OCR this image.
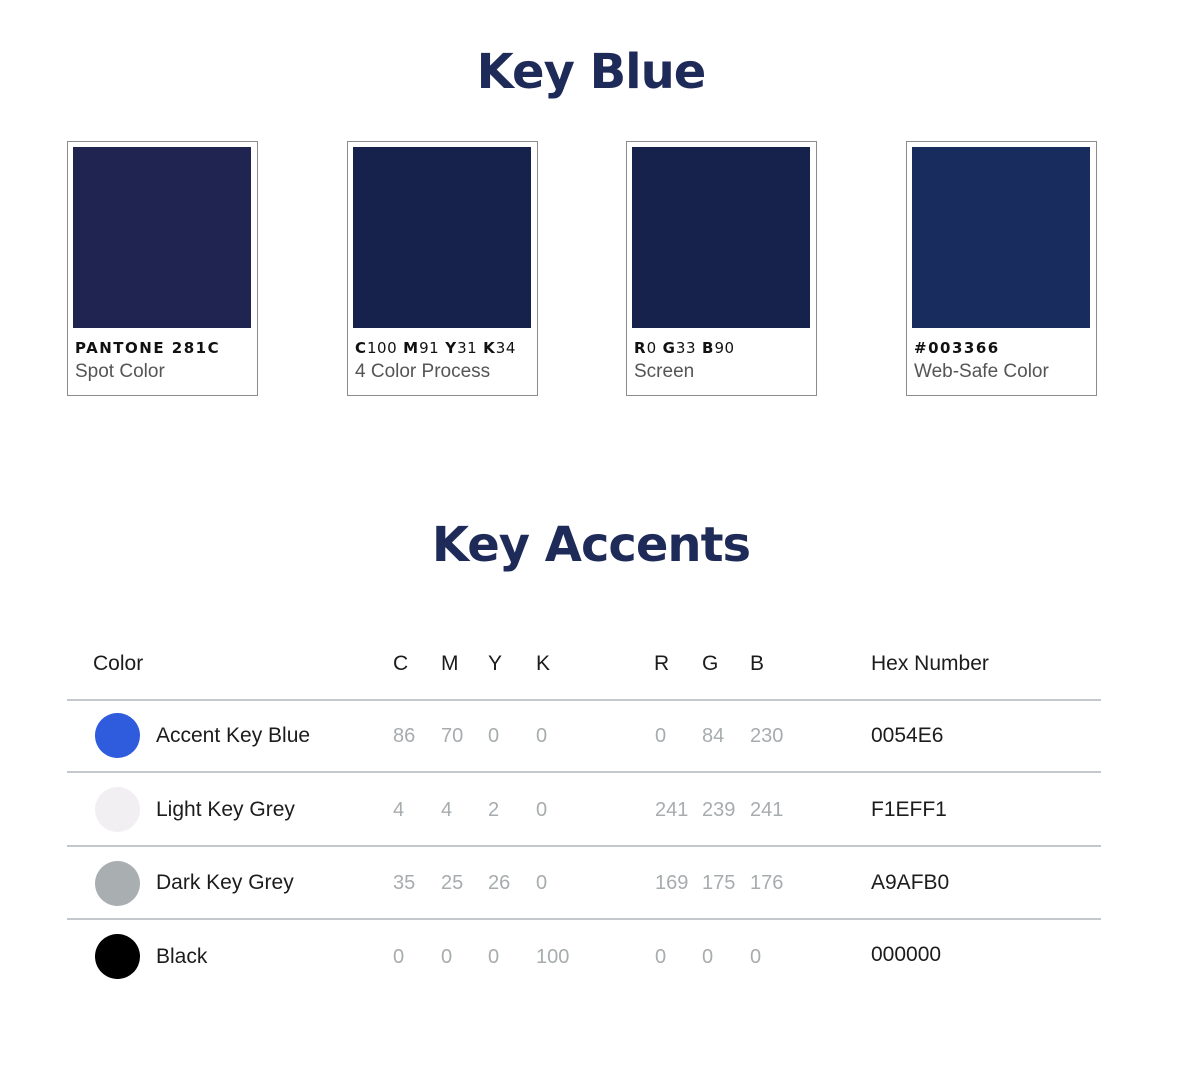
Key Blue
PANTONE 281C
Spot Color
C100 M91 Y31 K34
4 Color Process
R0 G33 B90
Screen
#003366
Web-Safe Color
Key Accents
Color	C M Y K	R G B	Hex Number
Accent Key Blue	86 70 0 0	0 84 230	0054E6
Light Key Grey	4 4 2 0	241 239 241	F1EFF1
Dark Key Grey	35 25 26 0	169 175 176	A9AFB0
Black	0 0 0 100	0 0 0	000000
